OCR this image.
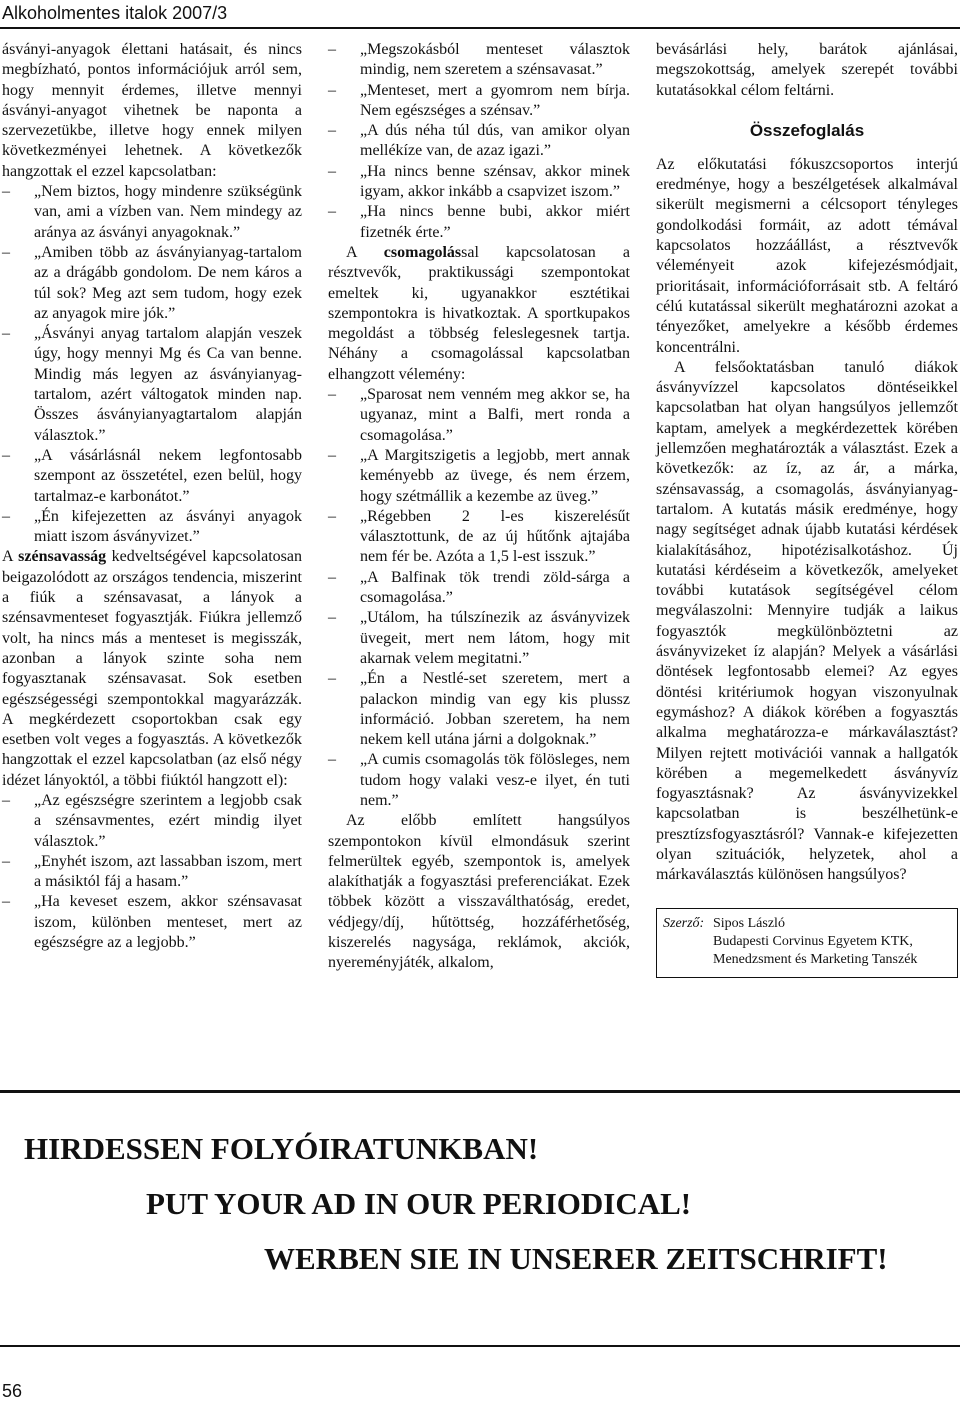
Alkoholmentes italok 2007/3

ásványi-anyagok élettani hatásait, és nincs megbízható, pontos információjuk arról sem, hogy mennyit érdemes, illetve mennyi ásványi-anyagot vihetnek be naponta a szervezetükbe, illetve hogy ennek milyen következményei lehetnek. A következők hangzottak el ezzel kapcsolatban:

– „Nem biztos, hogy mindenre szükségünk van, ami a vízben van. Nem mindegy az aránya az ásványi anyagoknak.”

– „Amiben több az ásványianyag-tartalom az a drágább gondolom. De nem káros a túl sok? Meg azt sem tudom, hogy ezek az anyagok mire jók.”

– „Ásványi anyag tartalom alapján veszek úgy, hogy mennyi Mg és Ca van benne. Mindig más legyen az ásványianyag-tartalom, azért váltogatok minden nap. Összes ásványianyagtartalom alapján választok.”

– „A vásárlásnál nekem legfontosabb szempont az összetétel, ezen belül, hogy tartalmaz-e karbonátot.”

– „Én kifejezetten az ásványi anyagok miatt iszom ásványvizet.”

A szénsavasság kedveltségével kapcsolatosan beigazolódott az országos tendencia, miszerint a fiúk a szénsavasat, a lányok a szénsavmenteset fogyasztják. Fiúkra jellemző volt, ha nincs más a menteset is megisszák, azonban a lányok szinte soha nem fogyasztanak szénsavasat. Sok esetben egészségességi szempontokkal magyarázzák. A megkérdezett csoportokban csak egy esetben volt veges a fogyasztás. A következők hangzottak el ezzel kapcsolatban (az első négy idézet lányoktól, a többi fiúktól hangzott el):

– „Az egészségre szerintem a legjobb csak a szénsavmentes, ezért mindig ilyet választok.”

– „Enyhét iszom, azt lassabban iszom, mert a másiktól fáj a hasam.”

– „Ha keveset eszem, akkor szénsavasat iszom, különben menteset, mert az egészségre az a legjobb.”

– „Megszokásból menteset választok mindig, nem szeretem a szénsavasat.”

– „Menteset, mert a gyomrom nem bírja. Nem egészséges a szénsav.”

– „A dús néha túl dús, van amikor olyan mellékíze van, de azaz igazi.”

– „Ha nincs benne szénsav, akkor minek igyam, akkor inkább a csapvizet iszom.”

– „Ha nincs benne bubi, akkor miért fizetnék érte.”

A csomagolással kapcsolatosan a résztvevők, praktikussági szempontokat emeltek ki, ugyanakkor esztétikai szempontokra is hivatkoztak. A sportkupakos megoldást a többség feleslegesnek tartja. Néhány a csomagolással kapcsolatban elhangzott vélemény:

– „Sparosat nem venném meg akkor se, ha ugyanaz, mint a Balfi, mert ronda a csomagolása.”

– „A Margitszigetis a legjobb, mert annak keményebb az üvege, és nem érzem, hogy szétmállik a kezembe az üveg.”

– „Régebben 2 l-es kiszerelésűt választottunk, de az új hűtőnk ajtajába nem fér be. Azóta a 1,5 l-est isszuk.”

– „A Balfinak tök trendi zöld-sárga a csomagolása.”

– „Utálom, ha túlszínezik az ásványvizek üvegeit, mert nem látom, hogy mit akarnak velem megitatni.”

– „Én a Nestlé-set szeretem, mert a palackon mindig van egy kis plussz információ. Jobban szeretem, ha nem nekem kell utána járni a dolgoknak.”

– „A cumis csomagolás tök fölösleges, nem tudom hogy valaki vesz-e ilyet, én tuti nem.”

Az előbb említett hangsúlyos szempontokon kívül elmondásuk szerint felmerültek egyéb, szempontok is, amelyek alakíthatják a fogyasztási preferenciákat. Ezek többek között a visszaválthatóság, eredet, védjegy/díj, hűtöttség, hozzáférhetőség, kiszerelés nagysága, reklámok, akciók, nyereményjáték, alkalom,

bevásárlási hely, barátok ajánlásai, megszokottság, amelyek szerepét további kutatásokkal célom feltárni.

Összefoglalás

Az előkutatási fókuszcsoportos interjú eredménye, hogy a beszélgetések alkalmával sikerült megismerni a célcsoport tényleges gondolkodási formáit, az adott témával kapcsolatos hozzáállást, a résztvevők véleményeit azok kifejezésmódjait, prioritásait, információforrásait stb. A feltáró célú kutatással sikerült meghatározni azokat a tényezőket, amelyekre a később érdemes koncentrálni.

A felsőoktatásban tanuló diákok ásványvízzel kapcsolatos döntéseikkel kapcsolatban hat olyan hangsúlyos jellemzőt kaptam, amelyek a megkérdezettek körében jellemzően meghatározták a választást. Ezek a következők: az íz, az ár, a márka, szénsavasság, a csomagolás, ásványianyag-tartalom. A kutatás másik eredménye, hogy nagy segítséget adnak újabb kutatási kérdések kialakításához, hipotézisalkotáshoz. Új kutatási kérdéseim a következők, amelyeket további kutatások segítségével célom megválaszolni: Mennyire tudják a laikus fogyasztók megkülönböztetni az ásványvizeket íz alapján? Melyek a vásárlási döntések legfontosabb elemei? Az egyes döntési kritériumok hogyan viszonyulnak egymáshoz? A diákok körében a fogyasztás alkalma meghatározza-e márkaválasztást? Milyen rejtett motivációi vannak a hallgatók körében a megemelkedett ásványvíz fogyasztásnak? Az ásványvizekkel kapcsolatban is beszélhetünk-e presztízsfogyasztásról? Vannak-e kifejezetten olyan szituációk, helyzetek, ahol a márkaválasztás különösen hangsúlyos?

Szerző: Sipos László
Budapesti Corvinus Egyetem KTK,
Menedzsment és Marketing Tanszék
HIRDESSEN FOLYÓIRATUNKBAN!
PUT YOUR AD IN OUR PERIODICAL!
WERBEN SIE IN UNSERER ZEITSCHRIFT!
56
